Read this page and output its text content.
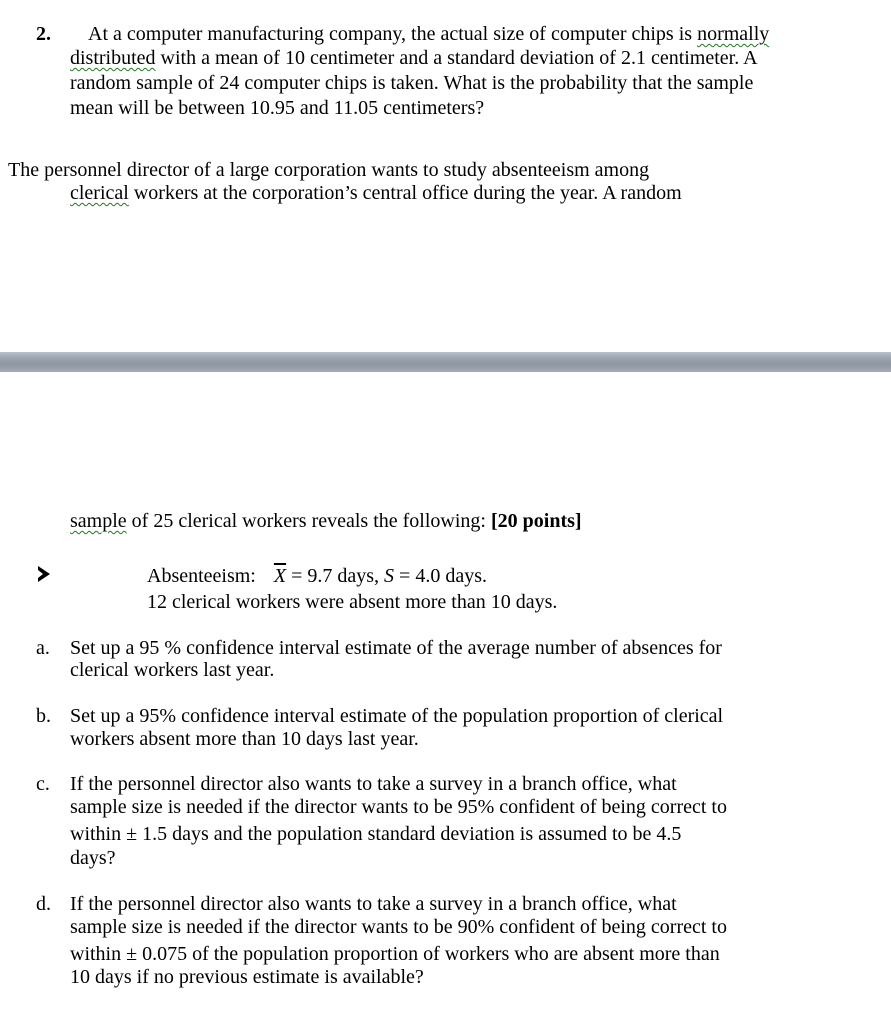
2. At a computer manufacturing company, the actual size of computer chips is normally
distributed with a mean of 10 centimeter and a standard deviation of 2.1 centimeter. A
random sample of 24 computer chips is taken. What is the probability that the sample
mean will be between 10.95 and 11.05 centimeters?
The personnel director of a large corporation wants to study absenteeism among
clerical workers at the corporation’s central office during the year. A random
sample of 25 clerical workers reveals the following: [20 points]
Absenteeism: $\overline{X} = 9.7$ days, S = 4.0 days.
12 clerical workers were absent more than 10 days.
a. Set up a 95 % confidence interval estimate of the average number of absences for
clerical workers last year.
b. Set up a 95% confidence interval estimate of the population proportion of clerical
workers absent more than 10 days last year.
c. If the personnel director also wants to take a survey in a branch office, what
sample size is needed if the director wants to be 95% confident of being correct to
within ± 1.5 days and the population standard deviation is assumed to be 4.5
days?
d. If the personnel director also wants to take a survey in a branch office, what
sample size is needed if the director wants to be 90% confident of being correct to
within ± 0.075 of the population proportion of workers who are absent more than
10 days if no previous estimate is available?
